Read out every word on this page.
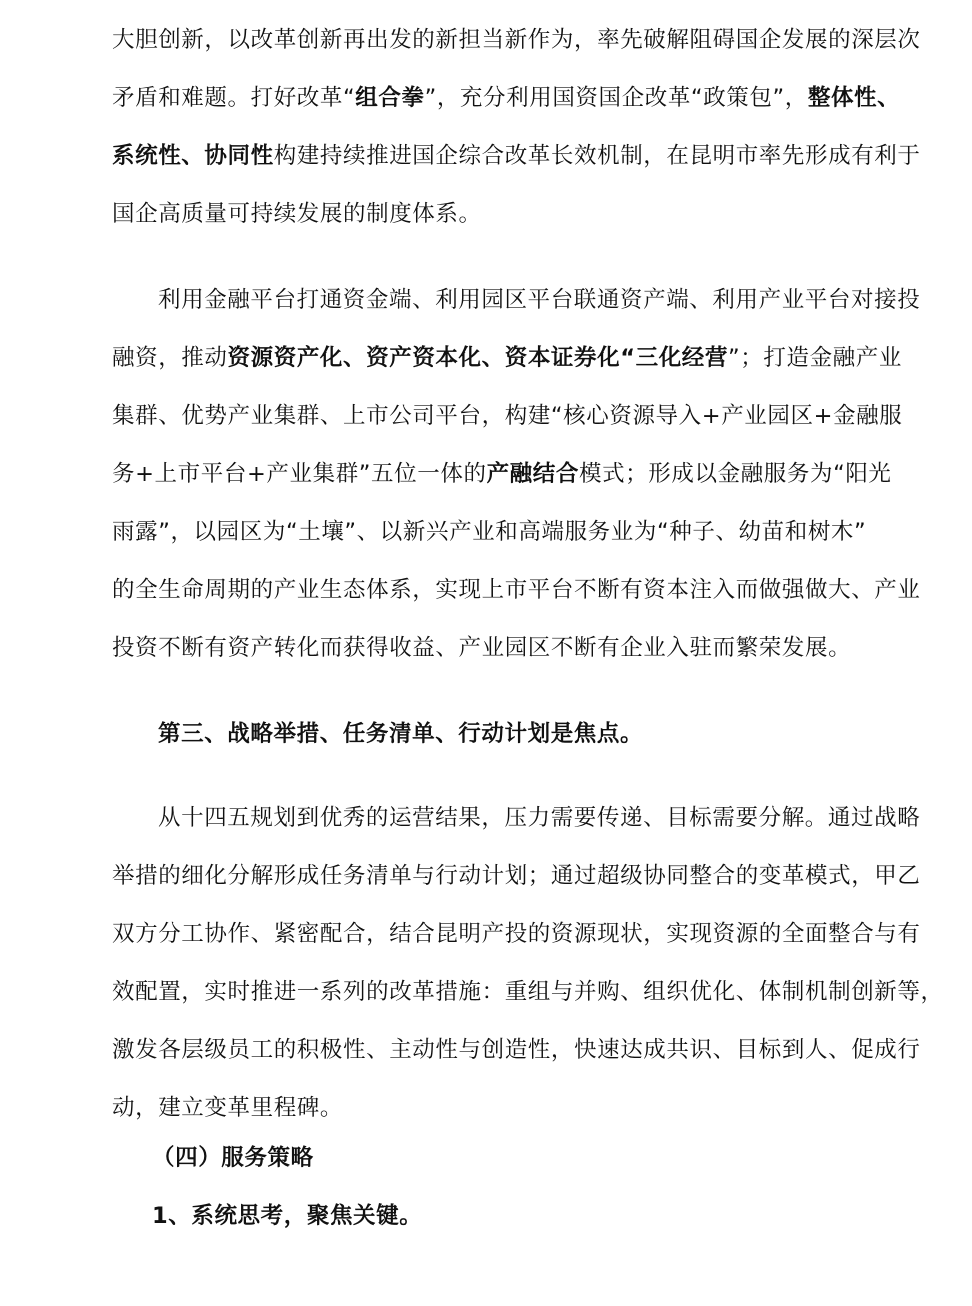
大胆创新，以改革创新再出发的新担当新作为，率先破解阻碍国企发展的深层次
矛盾和难题。打好改革“组合拳”，充分利用国资国企改革“政策包”，整体性、
系统性、协同性构建持续推进国企综合改革长效机制，在昆明市率先形成有利于
国企高质量可持续发展的制度体系。
利用金融平台打通资金端、利用园区平台联通资产端、利用产业平台对接投
融资，推动资源资产化、资产资本化、资本证券化“三化经营”；打造金融产业
集群、优势产业集群、上市公司平台，构建“核心资源导入+产业园区+金融服
务+上市平台+产业集群”五位一体的产融结合模式；形成以金融服务为“阳光
雨露”，以园区为“土壤”、以新兴产业和高端服务业为“种子、幼苗和树木”
的全生命周期的产业生态体系，实现上市平台不断有资本注入而做强做大、产业
投资不断有资产转化而获得收益、产业园区不断有企业入驻而繁荣发展。
第三、战略举措、任务清单、行动计划是焦点。
从十四五规划到优秀的运营结果，压力需要传递、目标需要分解。通过战略
举措的细化分解形成任务清单与行动计划；通过超级协同整合的变革模式，甲乙
双方分工协作、紧密配合，结合昆明产投的资源现状，实现资源的全面整合与有
效配置，实时推进一系列的改革措施：重组与并购、组织优化、体制机制创新等，
激发各层级员工的积极性、主动性与创造性，快速达成共识、目标到人、促成行
动，建立变革里程碑。
（四）服务策略
1、系统思考，聚焦关键。
